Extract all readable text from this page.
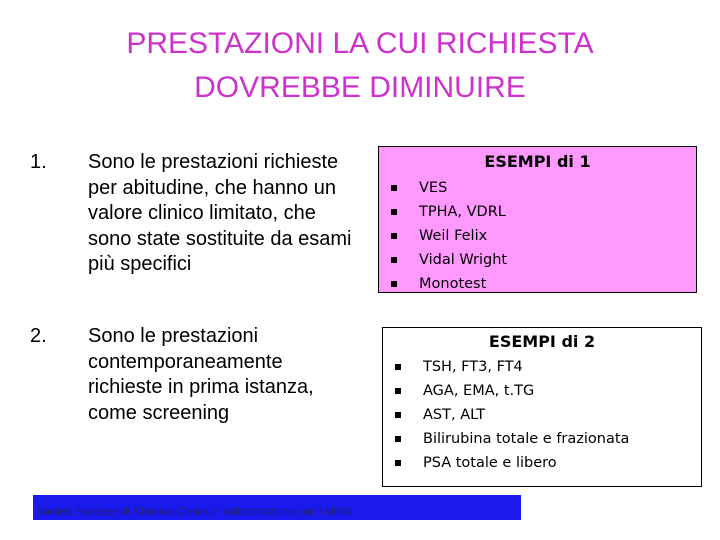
PRESTAZIONI LA CUI RICHIESTA
DOVREBBE DIMINUIRE
1. Sono le prestazioni richieste per abitudine, che hanno un valore clinico limitato, che sono state sostituite da esami più specifici
2. Sono le prestazioni contemporaneamente richieste in prima istanza, come screening
ESEMPI di 1
VES
TPHA, VDRL
Weil Felix
Vidal Wright
Monotest
ESEMPI di 2
TSH, FT3, FT4
AGA, EMA, t.TG
AST, ALT
Bilirubina totale e frazionata
PSA totale e libero
Società Svedese di Chimica Clinica in collaborazione con I MMG
